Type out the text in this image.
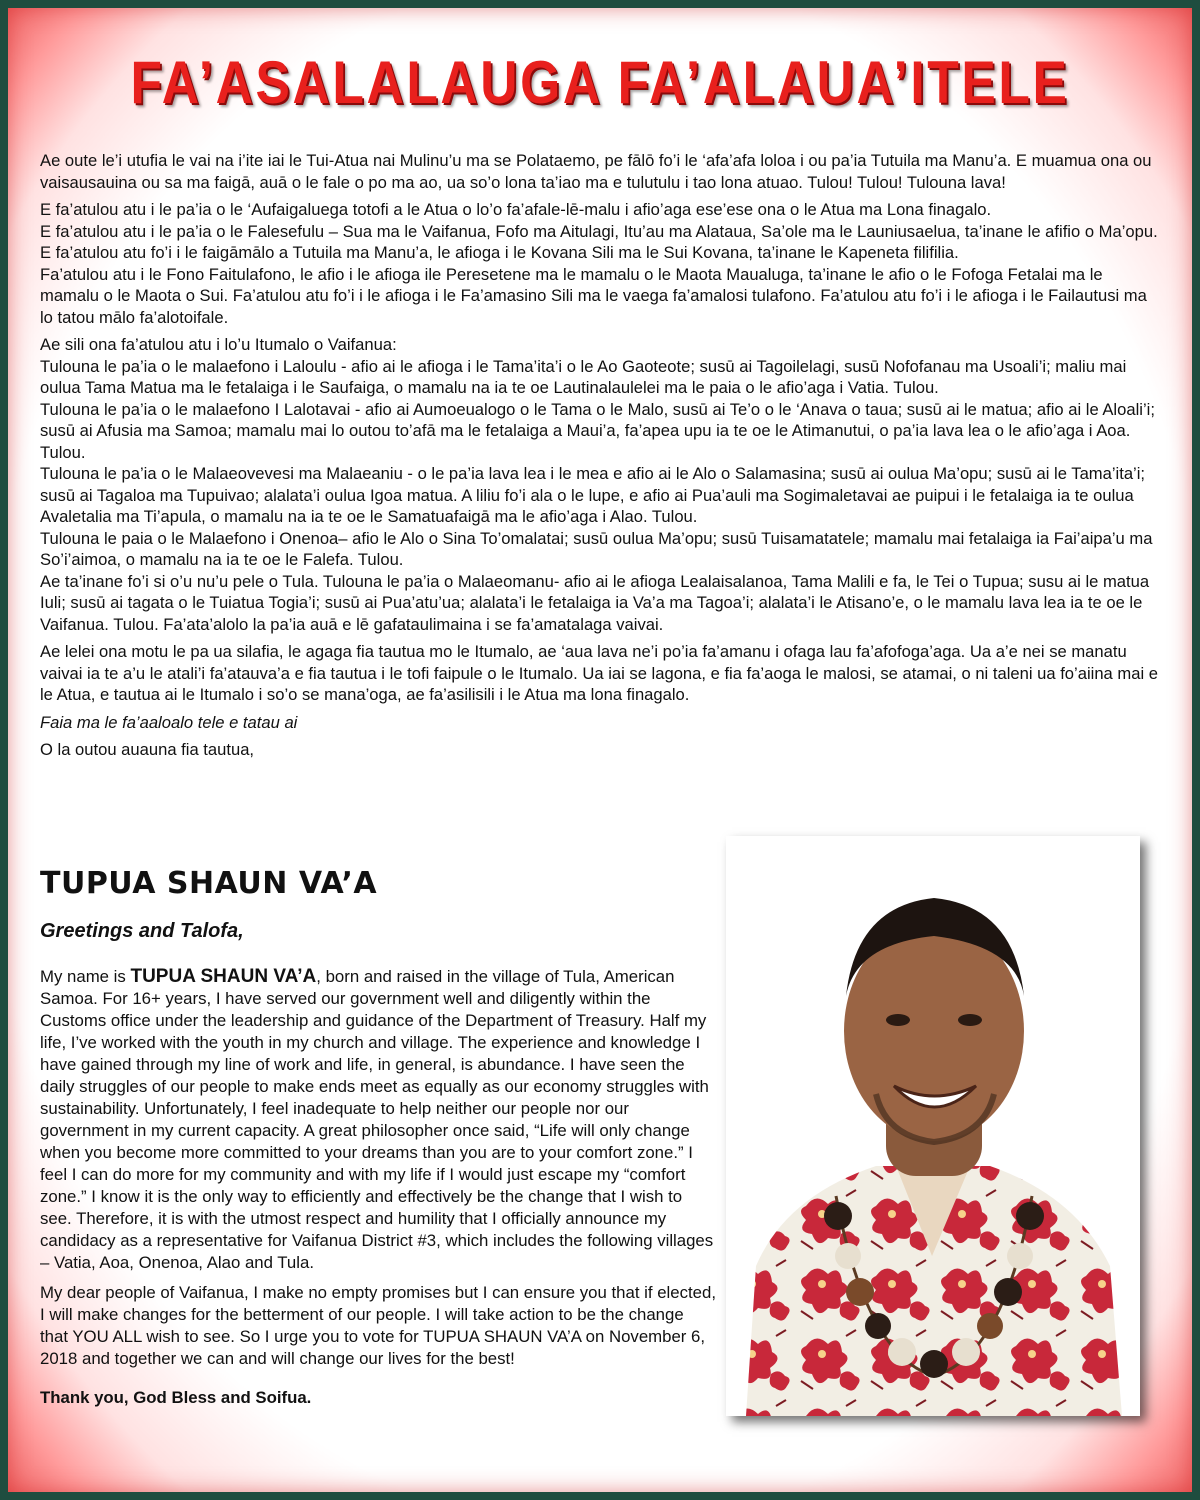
FA’ASALALAUGA FA’ALAUA’ITELE

Ae oute le’i utufia le vai na i’ite iai le Tui-Atua nai Mulinu’u ma se Polataemo, pe fālō fo’i le ‘afa’afa loloa i ou pa’ia Tutuila ma Manu’a. E muamua ona ou vaisausauina ou sa ma faigā, auā o le fale o po ma ao, ua so’o lona ta’iao ma e tulutulu i tao lona atuao. Tulou! Tulou! Tulouna lava!

E fa’atulou atu i le pa’ia o le ‘Aufaigaluega totofi a le Atua o lo’o fa’afale-lē-malu i afio’aga ese’ese ona o le Atua ma Lona finagalo.
E fa’atulou atu i le pa’ia o le Falesefulu – Sua ma le Vaifanua, Fofo ma Aitulagi, Itu’au ma Alataua, Sa’ole ma le Launiusaelua, ta’inane le afifio o Ma’opu.
E fa’atulou atu fo’i i le faigāmālo a Tutuila ma Manu’a, le afioga i le Kovana Sili ma le Sui Kovana, ta’inane le Kapeneta filifilia.
Fa’atulou atu i le Fono Faitulafono, le afio i le afioga ile Peresetene ma le mamalu o le Maota Maualuga, ta’inane le afio o le Fofoga Fetalai ma le mamalu o le Maota o Sui. Fa’atulou atu fo’i i le afioga i le Fa’amasino Sili ma le vaega fa’amalosi tulafono. Fa’atulou atu fo’i i le afioga i le Failautusi ma lo tatou mālo fa’alotoifale.

Ae sili ona fa’atulou atu i lo’u Itumalo o Vaifanua:
Tulouna le pa’ia o le malaefono i Laloulu - afio ai le afioga i le Tama’ita’i o le Ao Gaoteote; susū ai Tagoilelagi, susū Nofofanau ma Usoali’i; maliu mai oulua Tama Matua ma le fetalaiga i le Saufaiga, o mamalu na ia te oe Lautinalaulelei ma le paia o le afio’aga i Vatia. Tulou.
Tulouna le pa’ia o le malaefono I Lalotavai - afio ai Aumoeualogo o le Tama o le Malo, susū ai Te’o o le ‘Anava o taua; susū ai le matua; afio ai le Aloali’i; susū ai Afusia ma Samoa; mamalu mai lo outou to’afā ma le fetalaiga a Maui’a, fa’apea upu ia te oe le Atimanutui, o pa’ia lava lea o le afio’aga i Aoa. Tulou.
Tulouna le pa’ia o le Malaeovevesi ma Malaeaniu - o le pa’ia lava lea i le mea e afio ai le Alo o Salamasina; susū ai oulua Ma’opu; susū ai le Tama’ita’i; susū ai Tagaloa ma Tupuivao; alalata’i oulua Igoa matua. A liliu fo’i ala o le lupe, e afio ai Pua’auli ma Sogimaletavai ae puipui i le fetalaiga ia te oulua Avaletalia ma Ti’apula, o mamalu na ia te oe le Samatuafaigā ma le afio’aga i Alao. Tulou.
Tulouna le paia o le Malaefono i Onenoa– afio le Alo o Sina To’omalatai; susū oulua Ma’opu; susū Tuisamatatele; mamalu mai fetalaiga ia Fai’aipa’u ma So’i’aimoa, o mamalu na ia te oe le Falefa. Tulou.
Ae ta’inane fo’i si o’u nu’u pele o Tula. Tulouna le pa’ia o Malaeomanu- afio ai le afioga Lealaisalanoa, Tama Malili e fa, le Tei o Tupua; susu ai le matua Iuli; susū ai tagata o le Tuiatua Togia’i; susū ai Pua’atu’ua; alalata’i le fetalaiga ia Va’a ma Tagoa’i; alalata’i le Atisano’e, o le mamalu lava lea ia te oe le Vaifanua. Tulou. Fa’ata’alolo la pa’ia auā e lē gafataulimaina i se fa’amatalaga vaivai.

Ae lelei ona motu le pa ua silafia, le agaga fia tautua mo le Itumalo, ae ‘aua lava ne’i po’ia fa’amanu i ofaga lau fa’afofoga’aga. Ua a’e nei se manatu vaivai ia te a’u le atali’i fa’atauva’a e fia tautua i le tofi faipule o le Itumalo. Ua iai se lagona, e fia fa’aoga le malosi, se atamai, o ni taleni ua fo’aiina mai e le Atua, e tautua ai le Itumalo i so’o se mana’oga, ae fa’asilisili i le Atua ma lona finagalo.

Faia ma le fa’aaloalo tele e tatau ai

O la outou auauna fia tautua,

TUPUA SHAUN VA’A
Greetings and Talofa,

My name is TUPUA SHAUN VA’A, born and raised in the village of Tula, American Samoa. For 16+ years, I have served our government well and diligently within the Customs office under the leadership and guidance of the Department of Treasury. Half my life, I’ve worked with the youth in my church and village. The experience and knowledge I have gained through my line of work and life, in general, is abundance. I have seen the daily struggles of our people to make ends meet as equally as our economy struggles with sustainability. Unfortunately, I feel inadequate to help neither our people nor our government in my current capacity. A great philosopher once said, “Life will only change when you become more committed to your dreams than you are to your comfort zone.” I feel I can do more for my community and with my life if I would just escape my “comfort zone.” I know it is the only way to efficiently and effectively be the change that I wish to see. Therefore, it is with the utmost respect and humility that I officially announce my candidacy as a representative for Vaifanua District #3, which includes the following villages – Vatia, Aoa, Onenoa, Alao and Tula.

My dear people of Vaifanua, I make no empty promises but I can ensure you that if elected, I will make changes for the betterment of our people. I will take action to be the change that YOU ALL wish to see. So I urge you to vote for TUPUA SHAUN VA’A on November 6, 2018 and together we can and will change our lives for the best!

Thank you, God Bless and Soifua.
